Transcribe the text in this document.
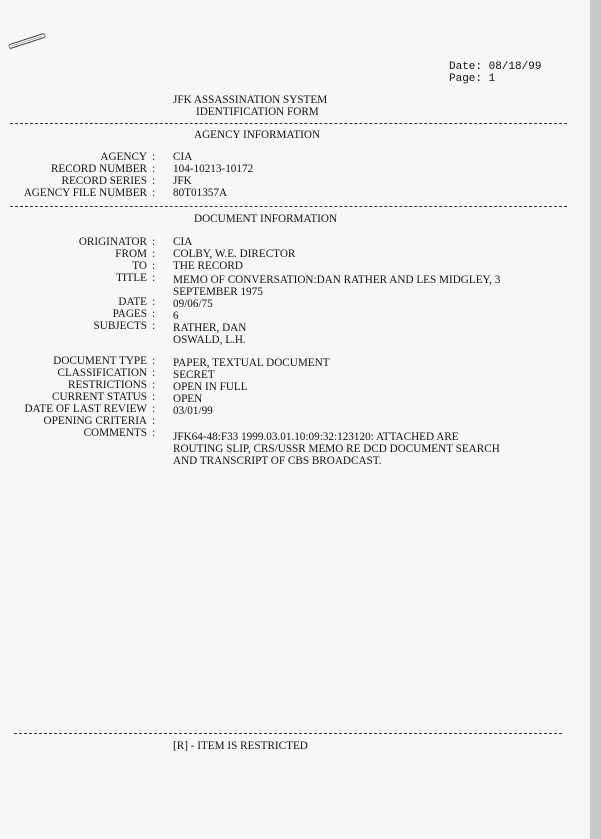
Date: 08/18/99
Page: 1
JFK ASSASSINATION SYSTEM
IDENTIFICATION FORM
AGENCY INFORMATION
AGENCY : CIA
RECORD NUMBER : 104-10213-10172
RECORD SERIES : JFK
AGENCY FILE NUMBER : 80T01357A
DOCUMENT INFORMATION
ORIGINATOR : CIA
FROM : COLBY, W.E. DIRECTOR
TO : THE RECORD
TITLE : MEMO OF CONVERSATION:DAN RATHER AND LES MIDGLEY, 3
SEPTEMBER 1975
DATE : 09/06/75
PAGES : 6
SUBJECTS : RATHER, DAN
OSWALD, L.H.
DOCUMENT TYPE : PAPER, TEXTUAL DOCUMENT
CLASSIFICATION : SECRET
RESTRICTIONS : OPEN IN FULL
CURRENT STATUS : OPEN
DATE OF LAST REVIEW : 03/01/99
OPENING CRITERIA :
COMMENTS : JFK64-48:F33 1999.03.01.10:09:32:123120: ATTACHED ARE
ROUTING SLIP, CRS/USSR MEMO RE DCD DOCUMENT SEARCH
AND TRANSCRIPT OF CBS BROADCAST.
[R] - ITEM IS RESTRICTED
